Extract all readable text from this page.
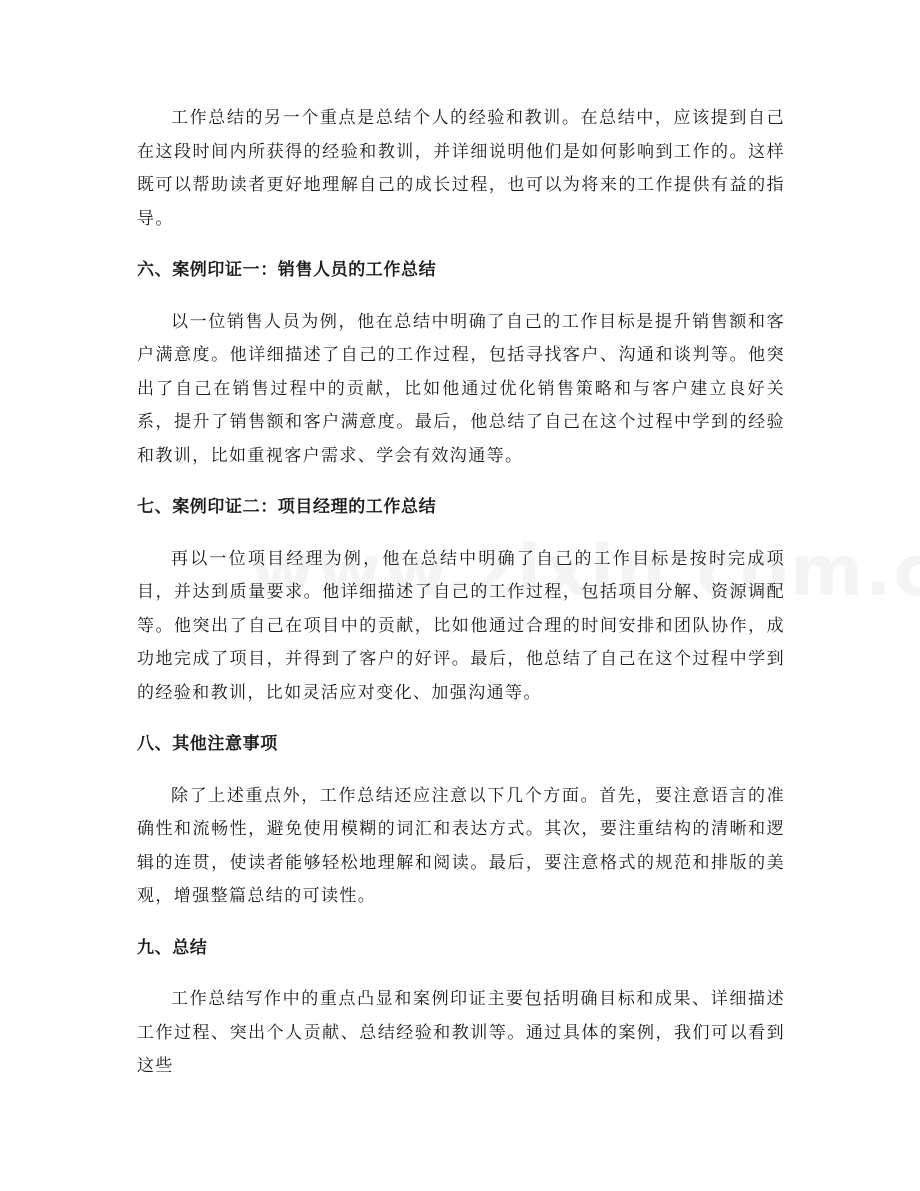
工作总结的另一个重点是总结个人的经验和教训。在总结中，应该提到自己在这段时间内所获得的经验和教训，并详细说明他们是如何影响到工作的。这样既可以帮助读者更好地理解自己的成长过程，也可以为将来的工作提供有益的指导。

六、案例印证一：销售人员的工作总结

以一位销售人员为例，他在总结中明确了自己的工作目标是提升销售额和客户满意度。他详细描述了自己的工作过程，包括寻找客户、沟通和谈判等。他突出了自己在销售过程中的贡献，比如他通过优化销售策略和与客户建立良好关系，提升了销售额和客户满意度。最后，他总结了自己在这个过程中学到的经验和教训，比如重视客户需求、学会有效沟通等。

七、案例印证二：项目经理的工作总结

再以一位项目经理为例，他在总结中明确了自己的工作目标是按时完成项目，并达到质量要求。他详细描述了自己的工作过程，包括项目分解、资源调配等。他突出了自己在项目中的贡献，比如他通过合理的时间安排和团队协作，成功地完成了项目，并得到了客户的好评。最后，他总结了自己在这个过程中学到的经验和教训，比如灵活应对变化、加强沟通等。

八、其他注意事项

除了上述重点外，工作总结还应注意以下几个方面。首先，要注意语言的准确性和流畅性，避免使用模糊的词汇和表达方式。其次，要注重结构的清晰和逻辑的连贯，使读者能够轻松地理解和阅读。最后，要注意格式的规范和排版的美观，增强整篇总结的可读性。

九、总结

工作总结写作中的重点凸显和案例印证主要包括明确目标和成果、详细描述工作过程、突出个人贡献、总结经验和教训等。通过具体的案例，我们可以看到这些
